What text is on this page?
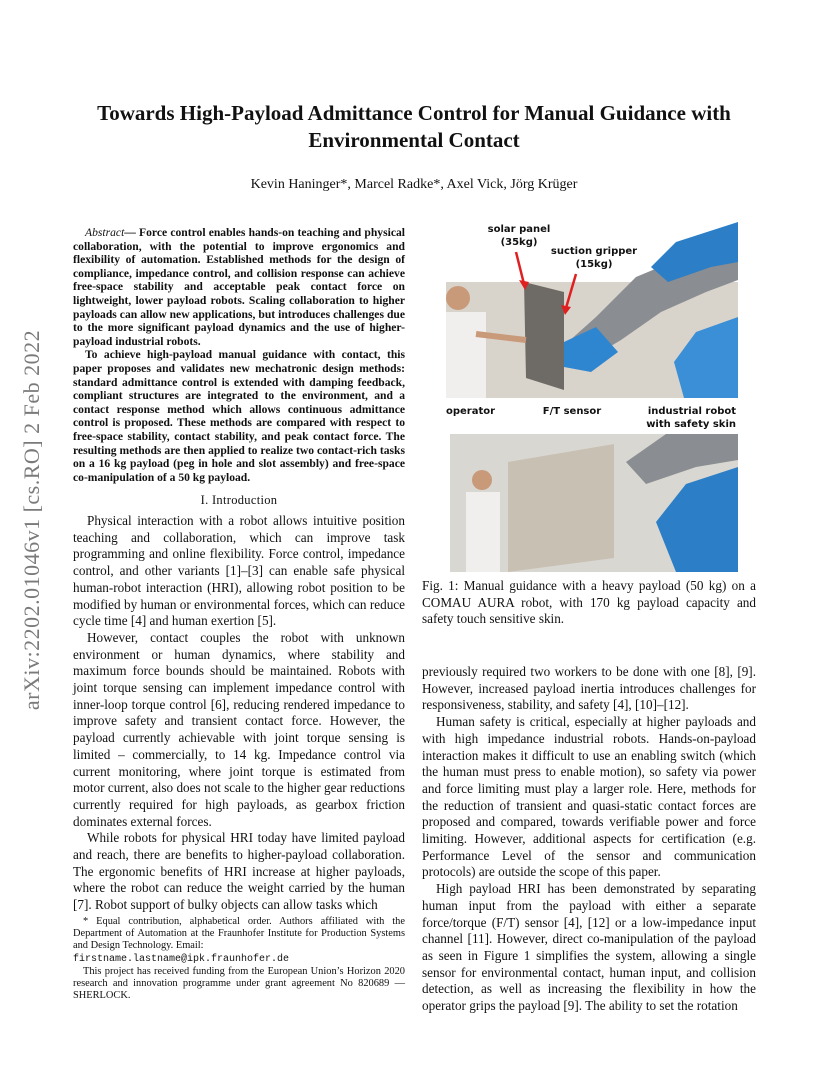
arXiv:2202.01046v1 [cs.RO] 2 Feb 2022
Towards High-Payload Admittance Control for Manual Guidance with
Environmental Contact
Kevin Haninger*, Marcel Radke*, Axel Vick, Jörg Krüger

Abstract— Force control enables hands-on teaching and physical collaboration, with the potential to improve ergonomics and flexibility of automation. Established methods for the design of compliance, impedance control, and collision response can achieve free-space stability and acceptable peak contact force on lightweight, lower payload robots. Scaling collaboration to higher payloads can allow new applications, but introduces challenges due to the more significant payload dynamics and the use of higher-payload industrial robots.

To achieve high-payload manual guidance with contact, this paper proposes and validates new mechatronic design methods: standard admittance control is extended with damping feedback, compliant structures are integrated to the environment, and a contact response method which allows continuous admittance control is proposed. These methods are compared with respect to free-space stability, contact stability, and peak contact force. The resulting methods are then applied to realize two contact-rich tasks on a 16 kg payload (peg in hole and slot assembly) and free-space co-manipulation of a 50 kg payload.

I. Introduction

Physical interaction with a robot allows intuitive position teaching and collaboration, which can improve task programming and online flexibility. Force control, impedance control, and other variants [1]–[3] can enable safe physical human-robot interaction (HRI), allowing robot position to be modified by human or environmental forces, which can reduce cycle time [4] and human exertion [5].

However, contact couples the robot with unknown environment or human dynamics, where stability and maximum force bounds should be maintained. Robots with joint torque sensing can implement impedance control with inner-loop torque control [6], reducing rendered impedance to improve safety and transient contact force. However, the payload currently achievable with joint torque sensing is limited – commercially, to 14 kg. Impedance control via current monitoring, where joint torque is estimated from motor current, also does not scale to the higher gear reductions currently required for high payloads, as gearbox friction dominates external forces.

While robots for physical HRI today have limited payload and reach, there are benefits to higher-payload collaboration. The ergonomic benefits of HRI increase at higher payloads, where the robot can reduce the weight carried by the human [7]. Robot support of bulky objects can allow tasks which

* Equal contribution, alphabetical order. Authors affiliated with the Department of Automation at the Fraunhofer Institute for Production Systems and Design Technology. Email:
firstname.lastname@ipk.fraunhofer.de

This project has received funding from the European Union’s Horizon 2020 research and innovation programme under grant agreement No 820689 — SHERLOCK.

solar panel
(35kg)
suction gripper
(15kg)
operator	F/T sensor	industrial robot
with safety skin
Fig. 1: Manual guidance with a heavy payload (50 kg) on a COMAU AURA robot, with 170 kg payload capacity and safety touch sensitive skin.

previously required two workers to be done with one [8], [9]. However, increased payload inertia introduces challenges for responsiveness, stability, and safety [4], [10]–[12].

Human safety is critical, especially at higher payloads and with high impedance industrial robots. Hands-on-payload interaction makes it difficult to use an enabling switch (which the human must press to enable motion), so safety via power and force limiting must play a larger role. Here, methods for the reduction of transient and quasi-static contact forces are proposed and compared, towards verifiable power and force limiting. However, additional aspects for certification (e.g. Performance Level of the sensor and communication protocols) are outside the scope of this paper.

High payload HRI has been demonstrated by separating human input from the payload with either a separate force/torque (F/T) sensor [4], [12] or a low-impedance input channel [11]. However, direct co-manipulation of the payload as seen in Figure 1 simplifies the system, allowing a single sensor for environmental contact, human input, and collision detection, as well as increasing the flexibility in how the operator grips the payload [9]. The ability to set the rotation
